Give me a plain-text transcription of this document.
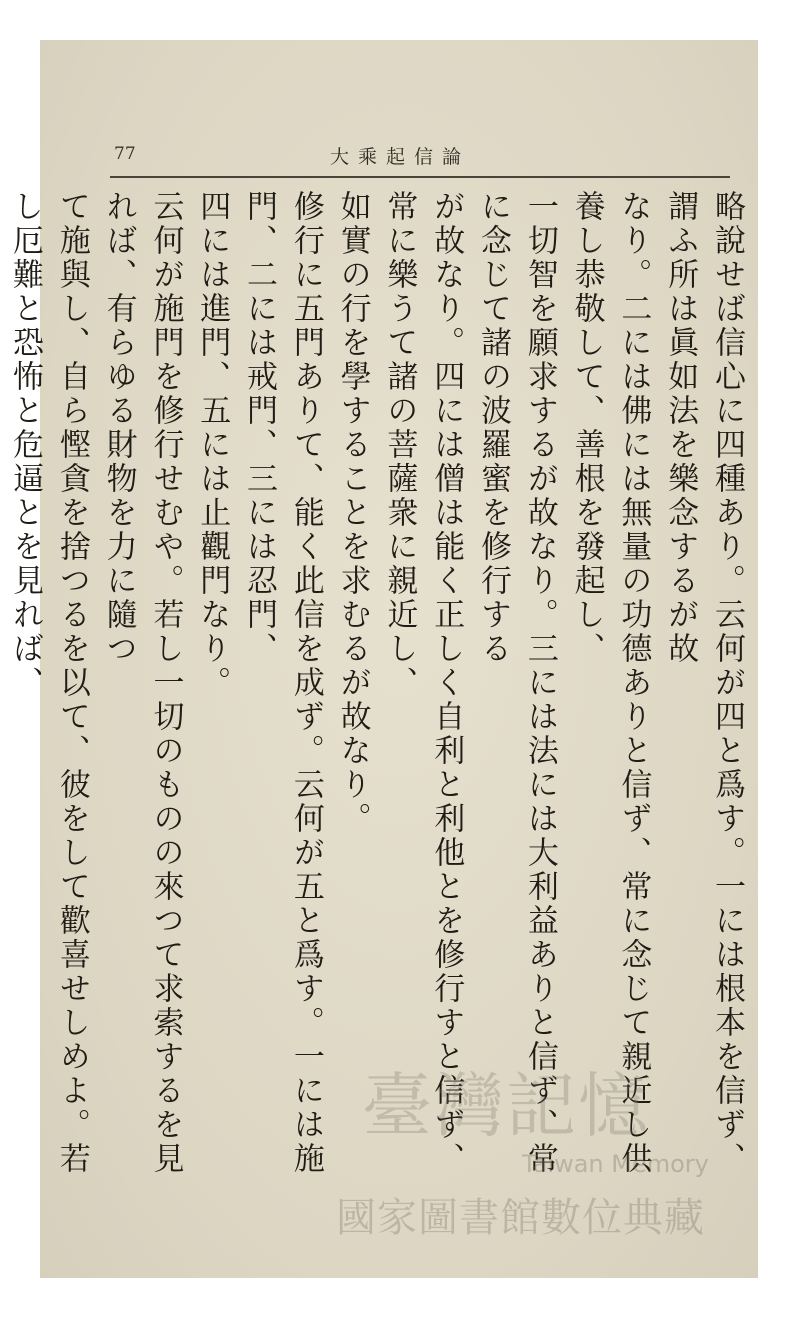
77	大乘起信論

略說せば信心に四種あり。云何が四と爲す。一には根本を信ず、謂ふ所は眞如法を樂念するが故

なり。二には佛には無量の功德ありと信ず、常に念じて親近し供養し恭敬して、善根を發起し、

一切智を願求するが故なり。三には法には大利益ありと信ず、常に念じて諸の波羅蜜を修行する

が故なり。四には僧は能く正しく自利と利他とを修行すと信ず、常に樂うて諸の菩薩衆に親近し、

如實の行を學することを求むるが故なり。

修行に五門ありて、能く此信を成ず。云何が五と爲す。一には施門、二には戒門、三には忍門、

四には進門、五には止觀門なり。

云何が施門を修行せむや。若し一切のものの來つて求索するを見れば、有らゆる財物を力に隨つ

て施與し、自ら慳貪を捨つるを以て、彼をして歡喜せしめよ。若し厄難と恐怖と危逼とを見れば、

臺灣記憶
Taiwan Memory
國家圖書館數位典藏
